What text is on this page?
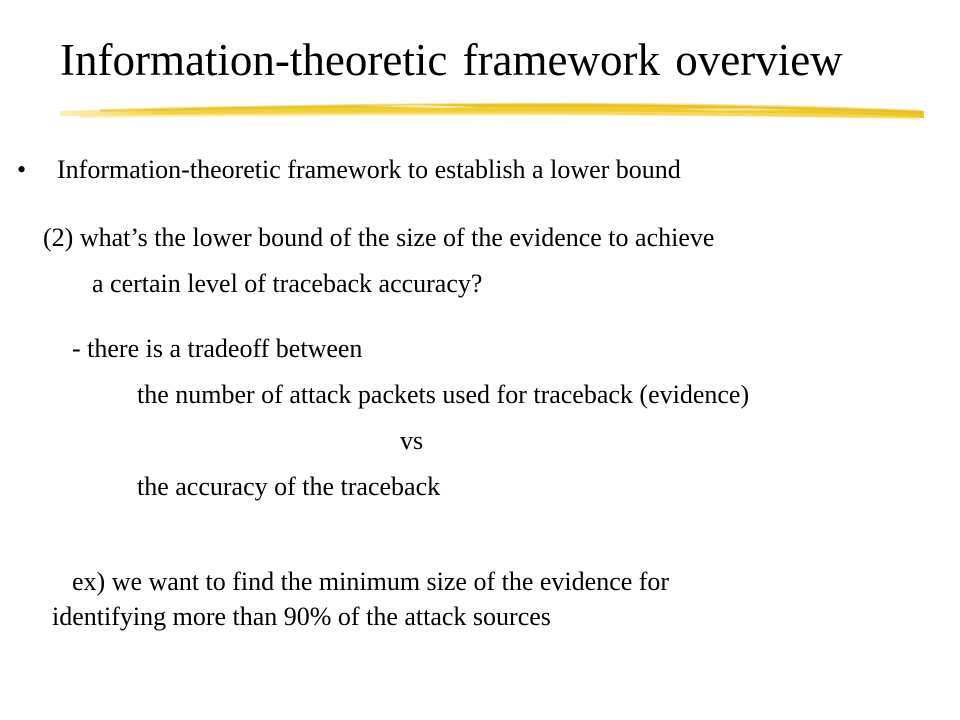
Information-theoretic framework overview
• Information-theoretic framework to establish a lower bound
(2) what’s the lower bound of the size of the evidence to achieve
a certain level of traceback accuracy?
- there is a tradeoff between
the number of attack packets used for traceback (evidence)
vs
the accuracy of the traceback
ex) we want to find the minimum size of the evidence for
identifying more than 90% of the attack sources
